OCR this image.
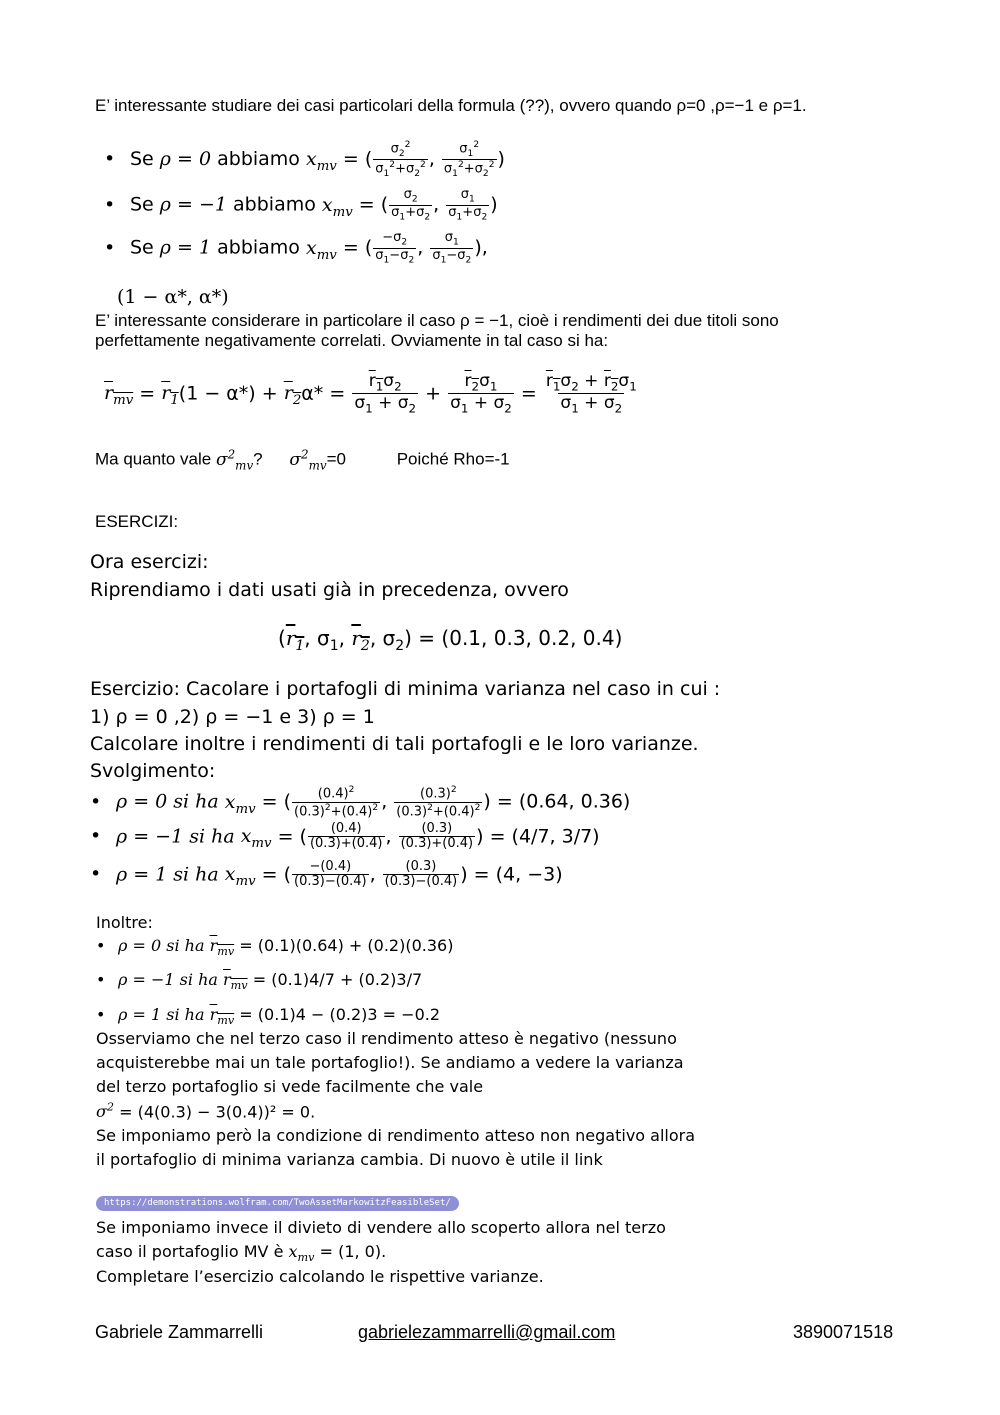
E’ interessante studiare dei casi particolari della formula (??), ovvero quando ρ=0 ,ρ=−1 e ρ=1.
• Se ρ = 0 abbiamo $x_{mv}$ = ( $\frac{\sigma_2^2}{\sigma_1^2+\sigma_2^2}$ , $\frac{\sigma_1^2}{\sigma_1^2+\sigma_2^2}$ )
• Se ρ = −1 abbiamo $x_{mv}$ = ( $\frac{\sigma_2}{\sigma_1+\sigma_2}$ , $\frac{\sigma_1}{\sigma_1+\sigma_2}$ )
• Se ρ = 1 abbiamo $x_{mv}$ = ( $\frac{-\sigma_2}{\sigma_1-\sigma_2}$ , $\frac{\sigma_1}{\sigma_1-\sigma_2}$ ),
(1 − α*, α*)
E’ interessante considerare in particolare il caso ρ = −1, cioè i rendimenti dei due titoli sono
perfettamente negativamente correlati. Ovviamente in tal caso si ha:
$r_{mv} = r_1(1 - \alpha*) + r_2\alpha* = \frac{r_1\sigma_2}{\sigma_1 + \sigma_2} + \frac{r_2\sigma_1}{\sigma_1 + \sigma_2} = \frac{r_1\sigma_2 + r_2\sigma_1}{\sigma_1 + \sigma_2}$
Ma quanto vale $\sigma^2_{mv}$? $\sigma^2_{mv}=0$	Poiché Rho=-1
ESERCIZI:
Ora esercizi:
Riprendiamo i dati usati già in precedenza, ovvero
($r_1$, $\sigma_1$, $r_2$, $\sigma_2) = (0.1$, 0.3, 0.2, 0.4)
Esercizio: Cacolare i portafogli di minima varianza nel caso in cui :
1) ρ = 0 ,2) ρ = −1 e 3) ρ = 1
Calcolare inoltre i rendimenti di tali portafogli e le loro varianze.
Svolgimento:
• ρ = 0 si ha $x_{mv}$ = ( $\frac{(0.4)^2}{(0.3)^2+(0.4)^2}$ , $\frac{(0.3)^2}{(0.3)^2+(0.4)^2}$ ) = (0.64, 0.36)
• ρ = −1 si ha $x_{mv}$ = ( $\frac{(0.4)}{(0.3)+(0.4)}$ , $\frac{(0.3)}{(0.3)+(0.4)}$ ) = (4/7, 3/7)
• ρ = 1 si ha $x_{mv}$ = ( $\frac{-(0.4)}{(0.3)-(0.4)}$ , $\frac{(0.3)}{(0.3)-(0.4)}$ ) = (4, −3)
Inoltre:
• ρ = 0 si ha $r_{mv} = (0.1)(0.64) + (0.2)(0.36)$
• ρ = −1 si ha $r_{mv} = (0.1)4/7 + (0.2)3/7$
• ρ = 1 si ha $r_{mv} = (0.1)4 - (0.2)3 = -0.2$
Osserviamo che nel terzo caso il rendimento atteso è negativo (nessuno
acquisterebbe mai un tale portafoglio!). Se andiamo a vedere la varianza
del terzo portafoglio si vede facilmente che vale
$\sigma^2 = (4(0.3) - 3(0.4))^2 = 0$.
Se imponiamo però la condizione di rendimento atteso non negativo allora
il portafoglio di minima varianza cambia. Di nuovo è utile il link
https://demonstrations.wolfram.com/TwoAssetMarkowitzFeasibleSet/
Se imponiamo invece il divieto di vendere allo scoperto allora nel terzo
caso il portafoglio MV è $x_{mv} = (1$, 0).
Completare l’esercizio calcolando le rispettive varianze.
Gabriele Zammarrelli	gabrielezammarrelli@gmail.com	3890071518
